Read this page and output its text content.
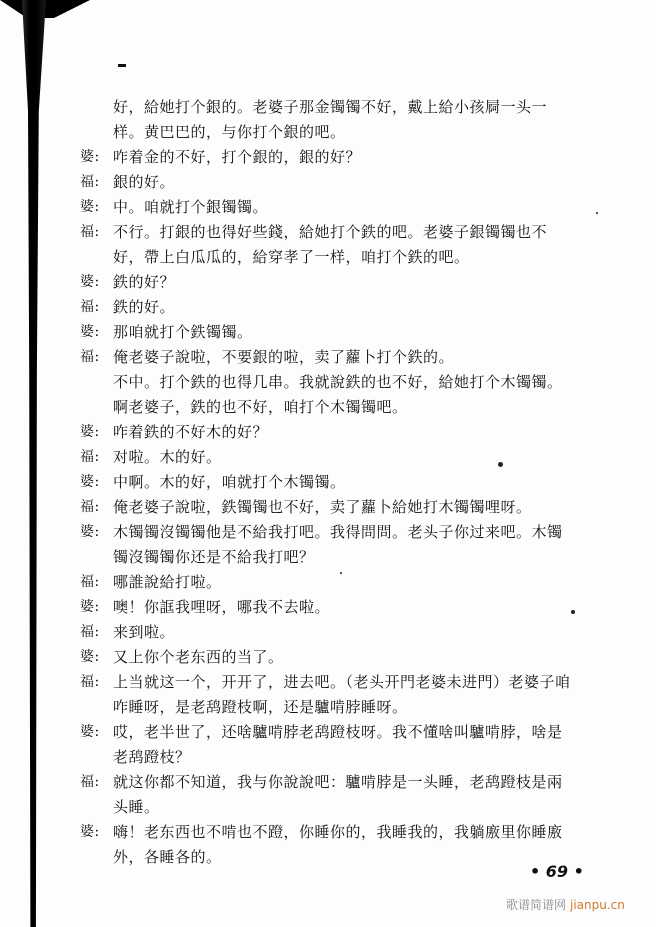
好，給她打个銀的。老婆子那金镯镯不好，戴上給小孩屙一头一
样。黄巴巴的，与你打个銀的吧。
婆: 咋着金的不好，打个銀的，銀的好？
福: 銀的好。
婆: 中。咱就打个銀镯镯。
福: 不行。打銀的也得好些錢，給她打个鉄的吧。老婆子銀镯镯也不
好，帶上白瓜瓜的，給穿孝了一样，咱打个鉄的吧。
婆: 鉄的好？
福: 鉄的好。
婆: 那咱就打个鉄镯镯。
福: 俺老婆子說啦，不要銀的啦，卖了蘿卜打个鉄的。
不中。打个鉄的也得几串。我就說鉄的也不好，給她打个木镯镯。
啊老婆子，鉄的也不好，咱打个木镯镯吧。
婆: 咋着鉄的不好木的好？
福: 对啦。木的好。
婆: 中啊。木的好，咱就打个木镯镯。
福: 俺老婆子說啦，鉄镯镯也不好，卖了蘿卜給她打木镯镯哩呀。
婆: 木镯镯沒镯镯他是不給我打吧。我得問問。老头子你过来吧。木镯
镯沒镯镯你还是不給我打吧？
福: 哪誰說給打啦。
婆: 噢！你誆我哩呀，哪我不去啦。
福: 来到啦。
婆: 又上你个老东西的当了。
福: 上当就这一个，开开了，进去吧。（老头开門老婆未进門）老婆子咱
咋睡呀，是老鸹蹬枝啊，还是驢啃脖睡呀。
婆: 哎，老半世了，还啥驢啃脖老鸹蹬枝呀。我不懂啥叫驢啃脖，啥是
老鸹蹬枝？
福: 就这你都不知道，我与你說說吧：驢啃脖是一头睡，老鸹蹬枝是兩
头睡。
婆: 嗨！老东西也不啃也不蹬，你睡你的，我睡我的，我躺廒里你睡廒
外，各睡各的。
• 69 •
歌谱简谱网 jianpu.cn
